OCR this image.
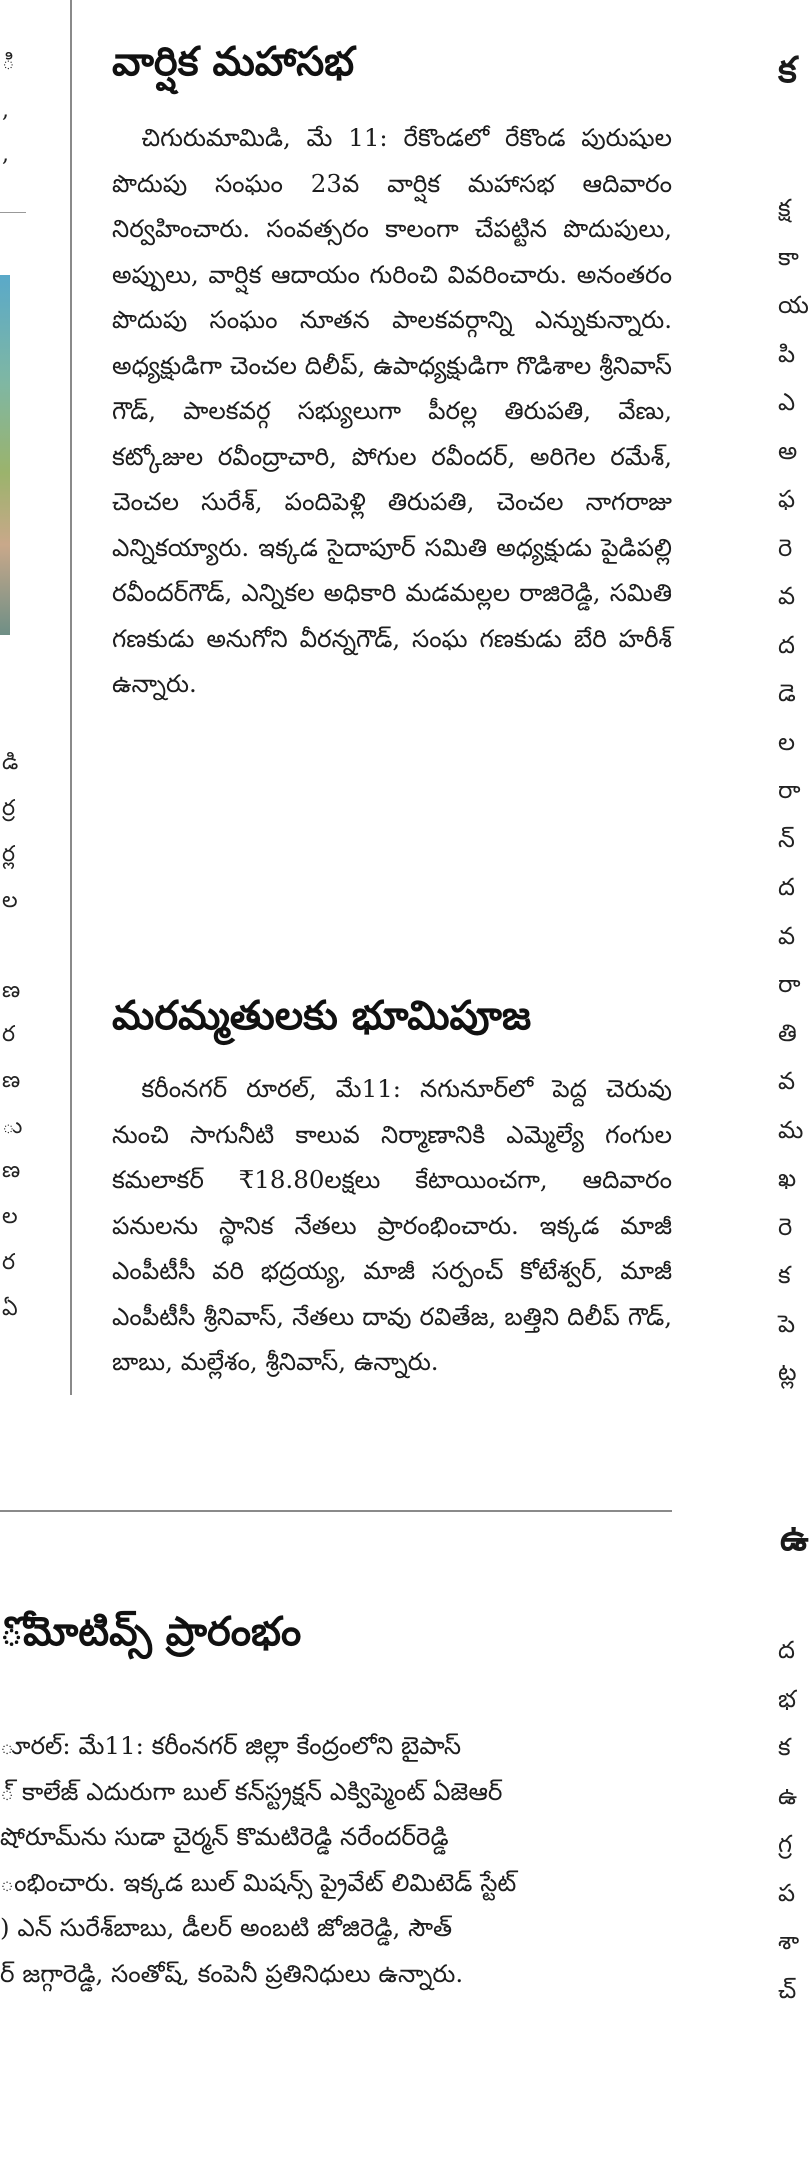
ి
,
,
డి
ర్ర
ర్ల
ల
ణ
ర
ణ
ు
ణ
ల
ర
ఏ
వార్షిక మహాసభ

చిగురుమామిడి, మే 11: రేకొండలో రేకొండ పురుషుల పొదుపు సంఘం 23వ వార్షిక మహాసభ ఆదివారం నిర్వహించారు. సంవత్సరం కాలంగా చేపట్టిన పొదుపులు, అప్పులు, వార్షిక ఆదాయం గురించి వివరించారు. అనంతరం పొదుపు సంఘం నూతన పాలకవర్గాన్ని ఎన్నుకున్నారు. అధ్యక్షుడిగా చెంచల దిలీప్, ఉపాధ్యక్షుడిగా గొడిశాల శ్రీనివాస్ గౌడ్, పాలకవర్గ సభ్యులుగా పీరల్ల తిరుపతి, వేణు, కట్కోజుల రవీంద్రాచారి, పోగుల రవీందర్, అరిగెల రమేశ్, చెంచల సురేశ్, పందిపెళ్లి తిరుపతి, చెంచల నాగరాజు ఎన్నికయ్యారు. ఇక్కడ సైదాపూర్ సమితి అధ్యక్షుడు పైడిపల్లి రవీందర్‌గౌడ్, ఎన్నికల అధికారి మడమల్లల రాజిరెడ్డి, సమితి గణకుడు అనుగోని వీరన్నగౌడ్, సంఘ గణకుడు బేరి హరీశ్ ఉన్నారు.

మరమ్మతులకు భూమిపూజ

కరీంనగర్ రూరల్, మే11: నగునూర్‌లో పెద్ద చెరువు నుంచి సాగునీటి కాలువ నిర్మాణానికి ఎమ్మెల్యే గంగుల కమలాకర్ ₹18.80లక్షలు కేటాయించగా, ఆదివారం పనులను స్థానిక నేతలు ప్రారంభించారు. ఇక్కడ మాజీ ఎంపీటీసీ వరి భద్రయ్య, మాజీ సర్పంచ్ కోటేశ్వర్, మాజీ ఎంపీటీసీ శ్రీనివాస్, నేతలు దావు రవితేజ, బత్తిని దిలీప్ గౌడ్, బాబు, మల్లేశం, శ్రీనివాస్, ఉన్నారు.

ోమోటివ్స్ ప్రారంభం
ూరల్: మే11: కరీంనగర్ జిల్లా కేంద్రంలోని బైపాస్
్ కాలేజ్ ఎదురుగా బుల్ కన్‌స్ట్రక్షన్ ఎక్విప్మెంట్ ఏజెఆర్
షోరూమ్‌ను సుడా చైర్మన్ కొమటిరెడ్డి నరేందర్‌రెడ్డి
ంభించారు. ఇక్కడ బుల్ మిషన్స్ ప్రైవేట్ లిమిటెడ్ స్టేట్
) ఎన్ సురేశ్‌బాబు, డీలర్ అంబటి జోజిరెడ్డి, సౌత్
ర్ జగ్గారెడ్డి, సంతోష్, కంపెనీ ప్రతినిధులు ఉన్నారు.
క
క్ష
కా
య
పి
ఎ
అ
ఫ
రె
వ
ద
డె
ల
రా
న్
ద
వ
రా
తి
వ
మ
ఖ
రె
క
పె
ట్ల
ఉ
ద
భ
క
ఉ
గ్ర
ప
శా
చ్
